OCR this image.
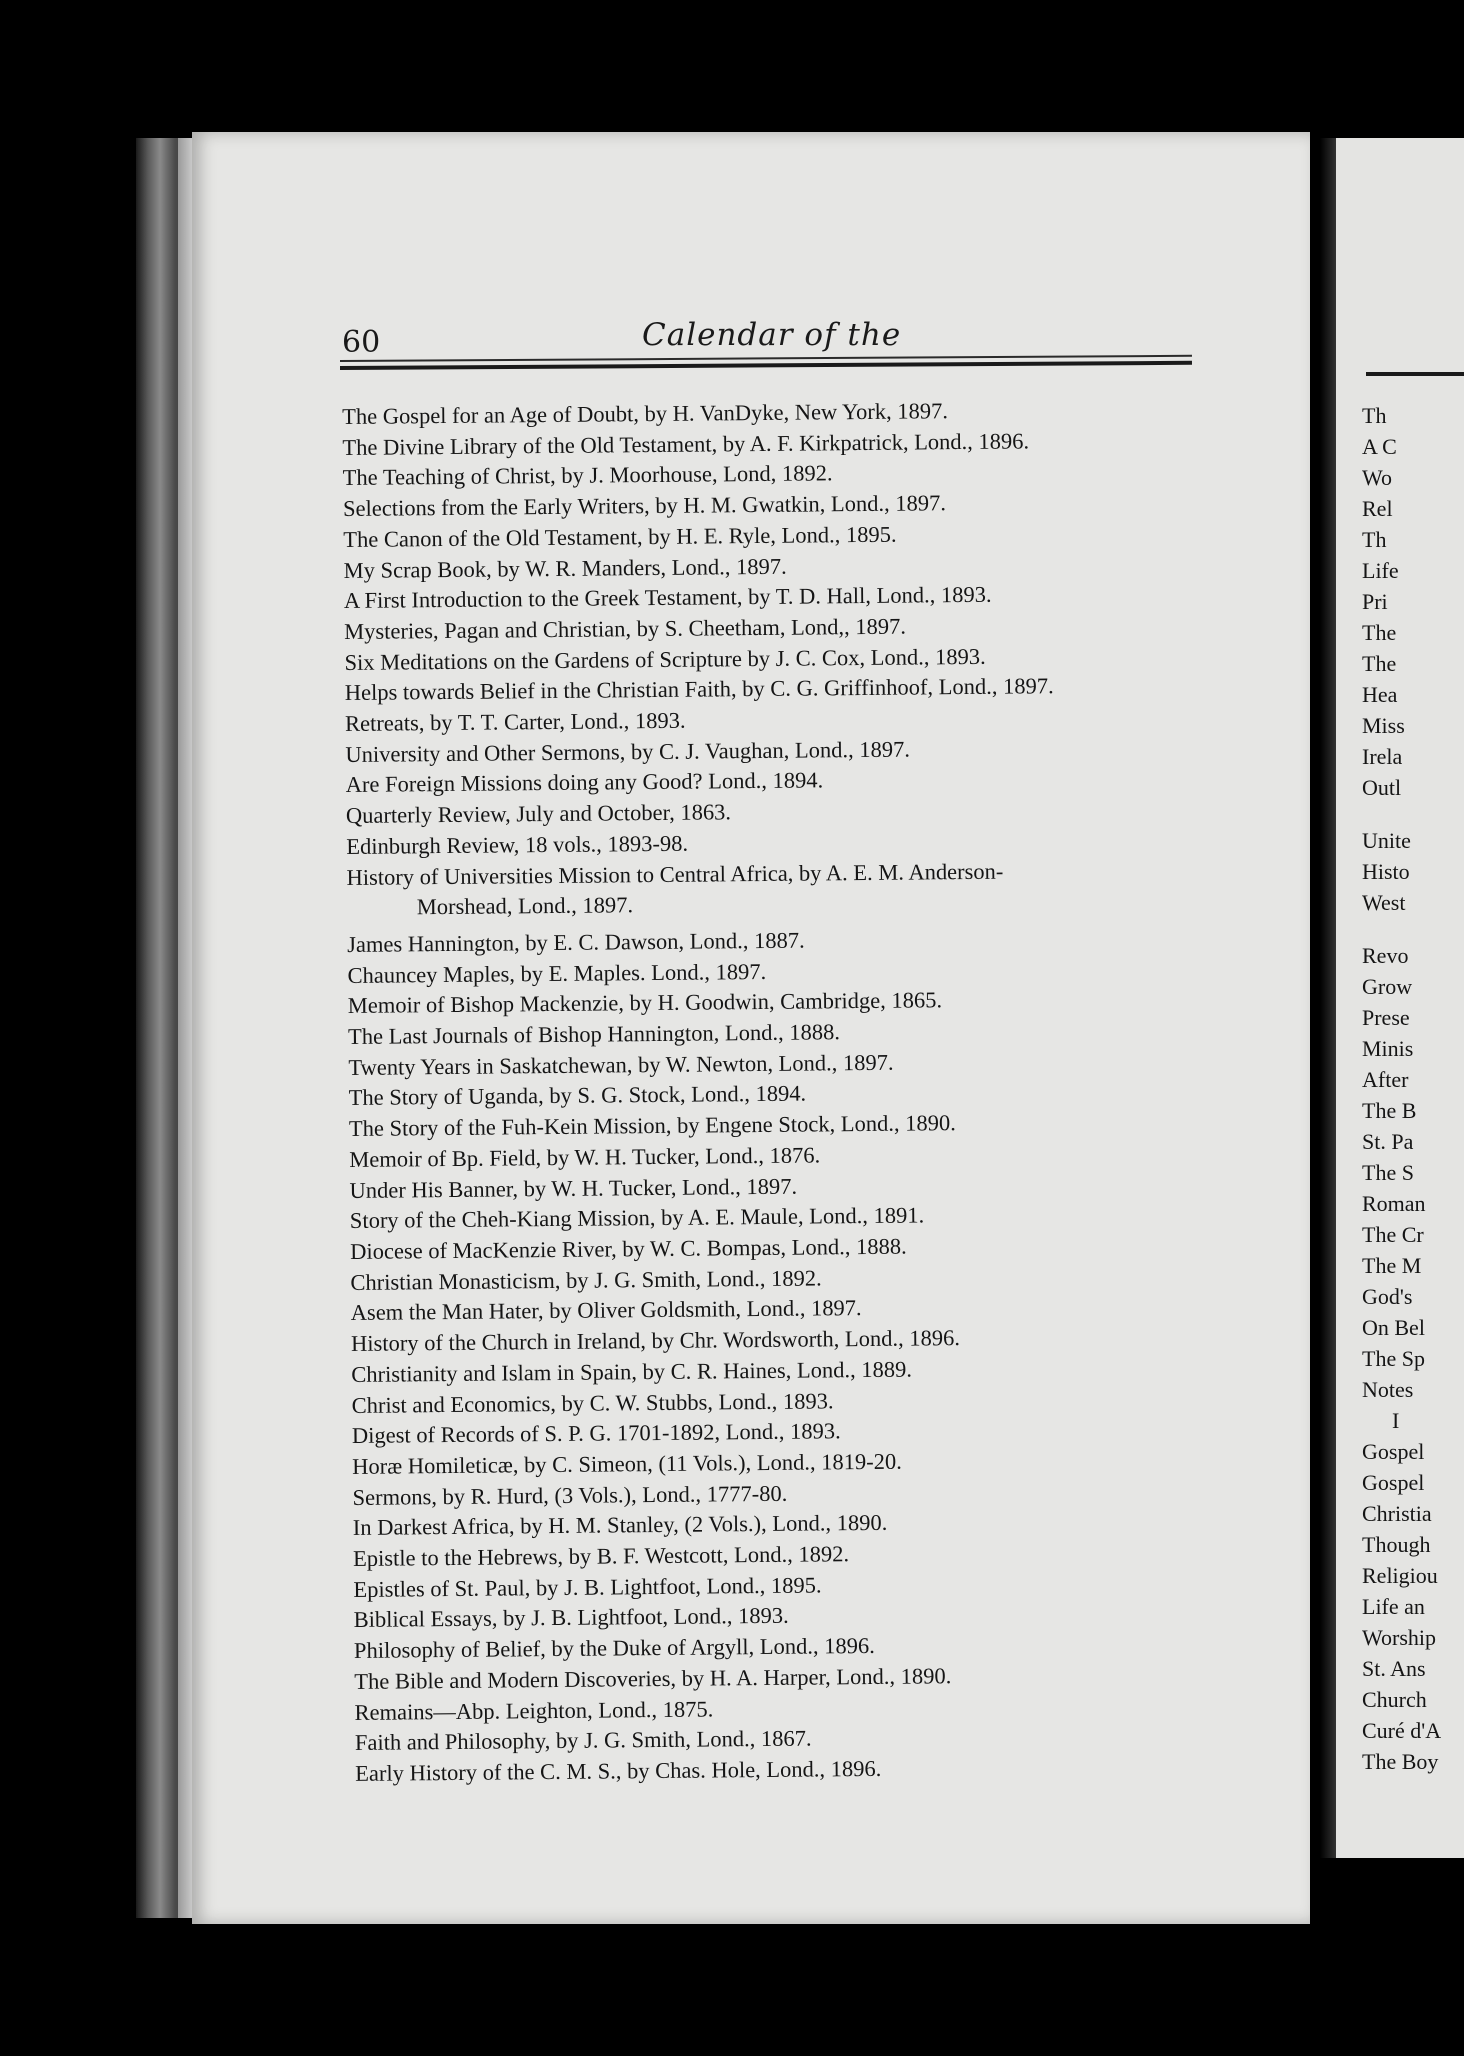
60	Calendar of the
The Gospel for an Age of Doubt, by H. VanDyke, New York, 1897.
The Divine Library of the Old Testament, by A. F. Kirkpatrick, Lond., 1896.
The Teaching of Christ, by J. Moorhouse, Lond, 1892.
Selections from the Early Writers, by H. M. Gwatkin, Lond., 1897.
The Canon of the Old Testament, by H. E. Ryle, Lond., 1895.
My Scrap Book, by W. R. Manders, Lond., 1897.
A First Introduction to the Greek Testament, by T. D. Hall, Lond., 1893.
Mysteries, Pagan and Christian, by S. Cheetham, Lond,, 1897.
Six Meditations on the Gardens of Scripture by J. C. Cox, Lond., 1893.
Helps towards Belief in the Christian Faith, by C. G. Griffinhoof, Lond., 1897.
Retreats, by T. T. Carter, Lond., 1893.
University and Other Sermons, by C. J. Vaughan, Lond., 1897.
Are Foreign Missions doing any Good? Lond., 1894.
Quarterly Review, July and October, 1863.
Edinburgh Review, 18 vols., 1893-98.
History of Universities Mission to Central Africa, by A. E. M. Anderson-
Morshead, Lond., 1897.
James Hannington, by E. C. Dawson, Lond., 1887.
Chauncey Maples, by E. Maples. Lond., 1897.
Memoir of Bishop Mackenzie, by H. Goodwin, Cambridge, 1865.
The Last Journals of Bishop Hannington, Lond., 1888.
Twenty Years in Saskatchewan, by W. Newton, Lond., 1897.
The Story of Uganda, by S. G. Stock, Lond., 1894.
The Story of the Fuh-Kein Mission, by Engene Stock, Lond., 1890.
Memoir of Bp. Field, by W. H. Tucker, Lond., 1876.
Under His Banner, by W. H. Tucker, Lond., 1897.
Story of the Cheh-Kiang Mission, by A. E. Maule, Lond., 1891.
Diocese of MacKenzie River, by W. C. Bompas, Lond., 1888.
Christian Monasticism, by J. G. Smith, Lond., 1892.
Asem the Man Hater, by Oliver Goldsmith, Lond., 1897.
History of the Church in Ireland, by Chr. Wordsworth, Lond., 1896.
Christianity and Islam in Spain, by C. R. Haines, Lond., 1889.
Christ and Economics, by C. W. Stubbs, Lond., 1893.
Digest of Records of S. P. G. 1701-1892, Lond., 1893.
Horæ Homileticæ, by C. Simeon, (11 Vols.), Lond., 1819-20.
Sermons, by R. Hurd, (3 Vols.), Lond., 1777-80.
In Darkest Africa, by H. M. Stanley, (2 Vols.), Lond., 1890.
Epistle to the Hebrews, by B. F. Westcott, Lond., 1892.
Epistles of St. Paul, by J. B. Lightfoot, Lond., 1895.
Biblical Essays, by J. B. Lightfoot, Lond., 1893.
Philosophy of Belief, by the Duke of Argyll, Lond., 1896.
The Bible and Modern Discoveries, by H. A. Harper, Lond., 1890.
Remains—Abp. Leighton, Lond., 1875.
Faith and Philosophy, by J. G. Smith, Lond., 1867.
Early History of the C. M. S., by Chas. Hole, Lond., 1896.
Th
A C
Wo
Rel
Th
Life
Pri
The
The
Hea
Miss
Irela
Outl
Unite
Histo
West
Revo
Grow
Prese
Minis
After
The B
St. Pa
The S
Roman
The Cr
The M
God's
On Bel
The Sp
Notes
I
Gospel
Gospel
Christia
Though
Religiou
Life an
Worship
St. Ans
Church
Curé d'A
The Boy
